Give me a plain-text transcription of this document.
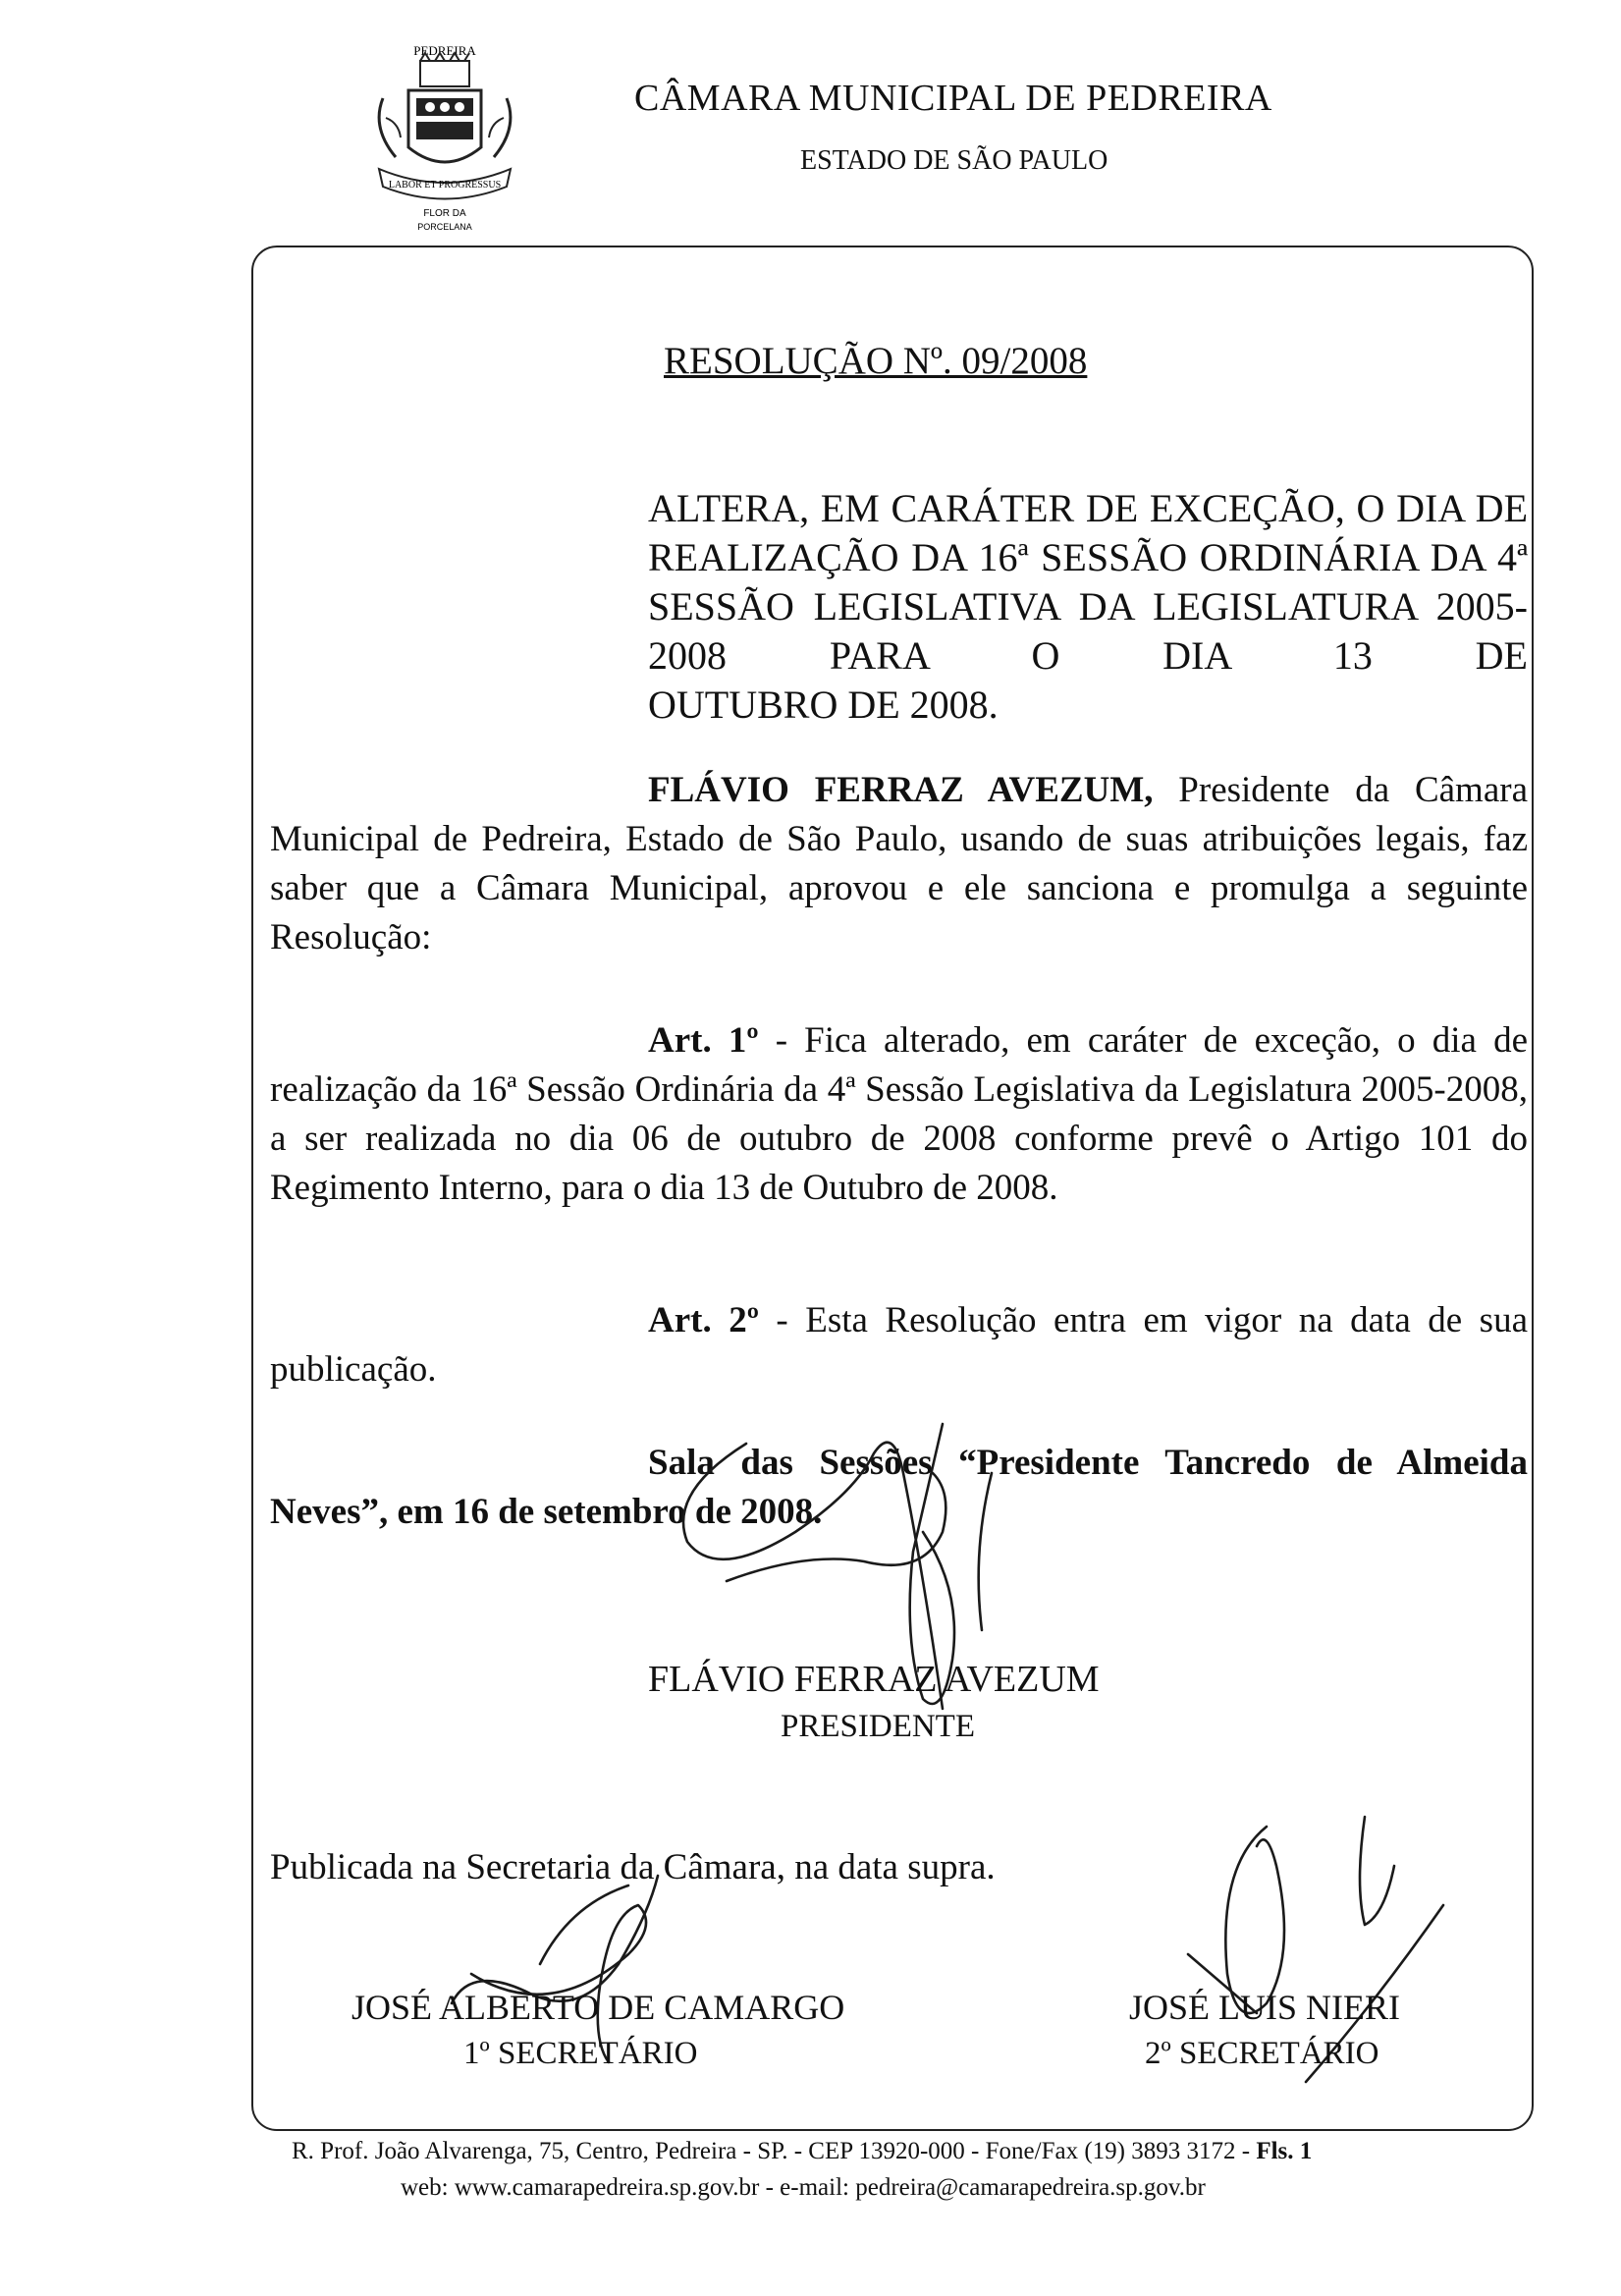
PEDREIRA
LABOR ET PROGRESSUS
FLOR DA
PORCELANA
CÂMARA MUNICIPAL DE PEDREIRA
ESTADO DE SÃO PAULO
RESOLUÇÃO Nº. 09/2008

ALTERA, EM CARÁTER DE EXCEÇÃO, O DIA DE REALIZAÇÃO DA 16ª SESSÃO ORDINÁRIA DA 4ª SESSÃO LEGISLATIVA DA LEGISLATURA 2005-2008 PARA O DIA 13 DE

OUTUBRO DE 2008.

FLÁVIO FERRAZ AVEZUM, Presidente da Câmara Municipal de Pedreira, Estado de São Paulo, usando de suas atribuições legais, faz saber que a Câmara Municipal, aprovou e ele sanciona e promulga a seguinte Resolução:

Art. 1º - Fica alterado, em caráter de exceção, o dia de realização da 16ª Sessão Ordinária da 4ª Sessão Legislativa da Legislatura 2005-2008, a ser realizada no dia 06 de outubro de 2008 conforme prevê o Artigo 101 do Regimento Interno, para o dia 13 de Outubro de 2008.

Art. 2º - Esta Resolução entra em vigor na data de sua publicação.

Sala das Sessões “Presidente Tancredo de Almeida Neves”, em 16 de setembro de 2008.

FLÁVIO FERRAZ AVEZUM
PRESIDENTE
Publicada na Secretaria da Câmara, na data supra.
JOSÉ ALBERTO DE CAMARGO
1º SECRETÁRIO
JOSÉ LUIS NIERI
2º SECRETÁRIO
R. Prof. João Alvarenga, 75, Centro, Pedreira - SP. - CEP 13920-000 - Fone/Fax (19) 3893 3172 - Fls. 1
web: www.camarapedreira.sp.gov.br - e-mail: pedreira@camarapedreira.sp.gov.br
